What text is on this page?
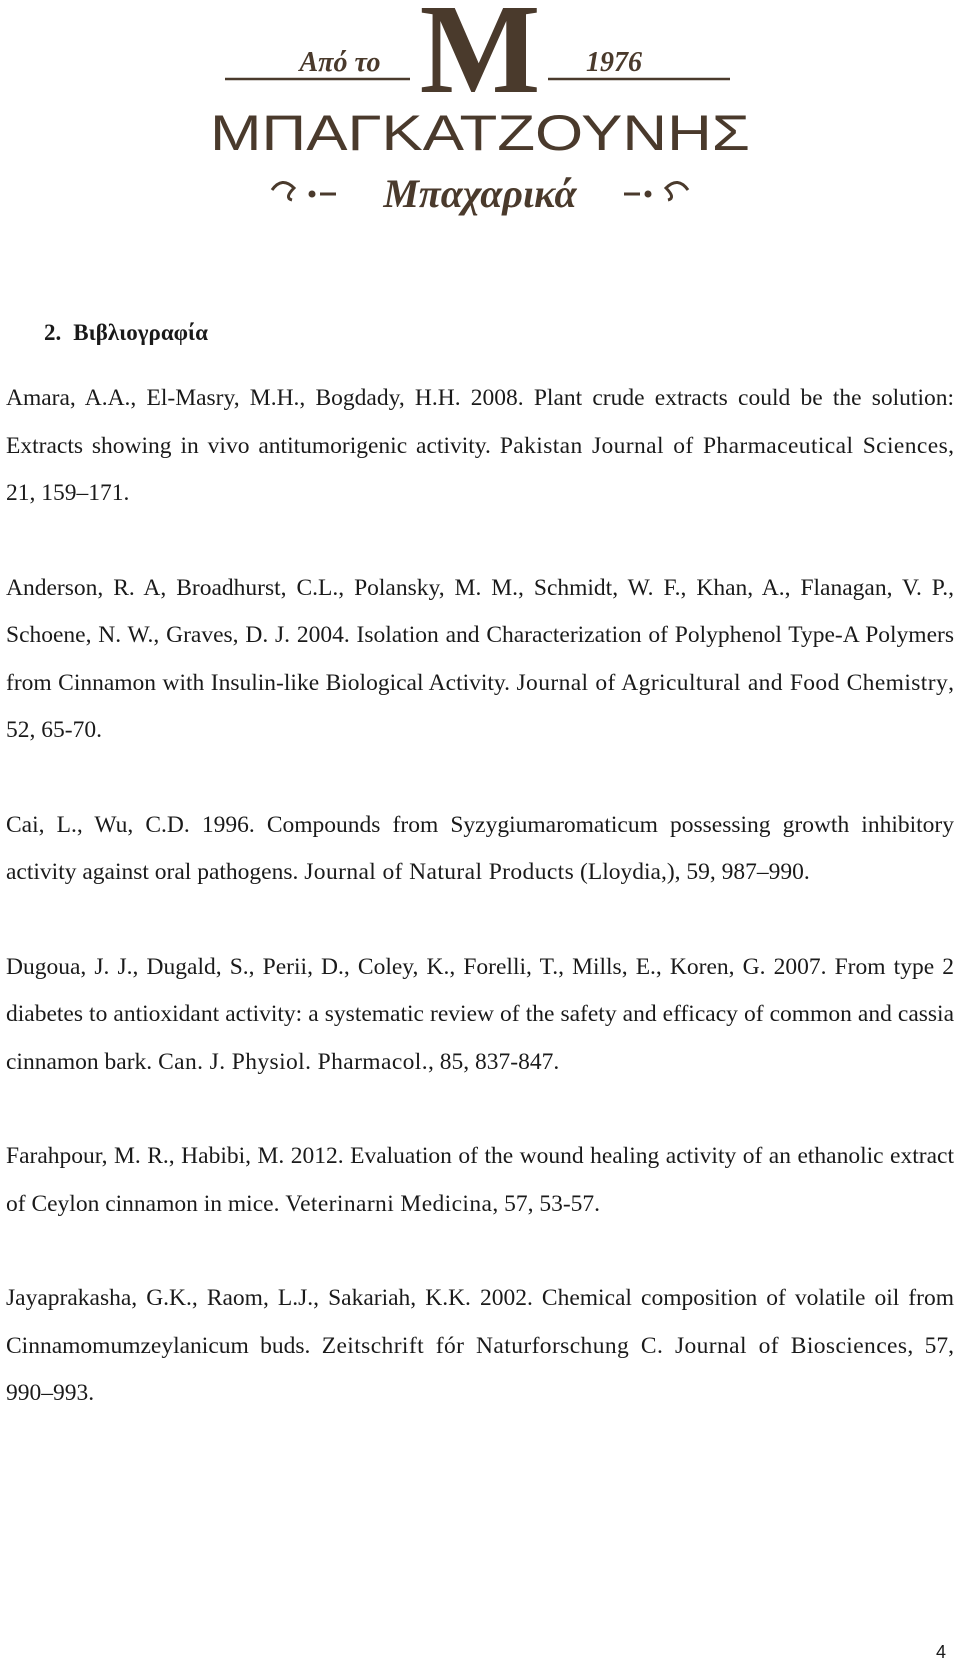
M
Από το	1976
ΜΠΑΓΚΑΤΖΟΥΝΗΣ
Μπαχαρικά
2. Βιβλιογραφία

Amara, A.A., El-Masry, M.H., Bogdady, H.H. 2008. Plant crude extracts could be the solution: Extracts showing in vivo antitumorigenic activity. Pakistan Journal of Pharmaceutical Sciences, 21, 159–171.

Anderson, R. A, Broadhurst, C.L., Polansky, M. M., Schmidt, W. F., Khan, A., Flanagan, V. P., Schoene, N. W., Graves, D. J. 2004. Isolation and Characterization of Polyphenol Type-A Polymers from Cinnamon with Insulin-like Biological Activity. Journal of Agricultural and Food Chemistry, 52, 65-70.

Cai, L., Wu, C.D. 1996. Compounds from Syzygiumaromaticum possessing growth inhibitory activity against oral pathogens. Journal of Natural Products (Lloydia,), 59, 987–990.

Dugoua, J. J., Dugald, S., Perii, D., Coley, K., Forelli, T., Mills, E., Koren, G. 2007. From type 2 diabetes to antioxidant activity: a systematic review of the safety and efficacy of common and cassia cinnamon bark. Can. J. Physiol. Pharmacol., 85, 837-847.

Farahpour, M. R., Habibi, M. 2012. Evaluation of the wound healing activity of an ethanolic extract of Ceylon cinnamon in mice. Veterinarni Medicina, 57, 53-57.

Jayaprakasha, G.K., Raom, L.J., Sakariah, K.K. 2002. Chemical composition of volatile oil from Cinnamomumzeylanicum buds. Zeitschrift fór Naturforschung C. Journal of Biosciences, 57, 990–993.

4
